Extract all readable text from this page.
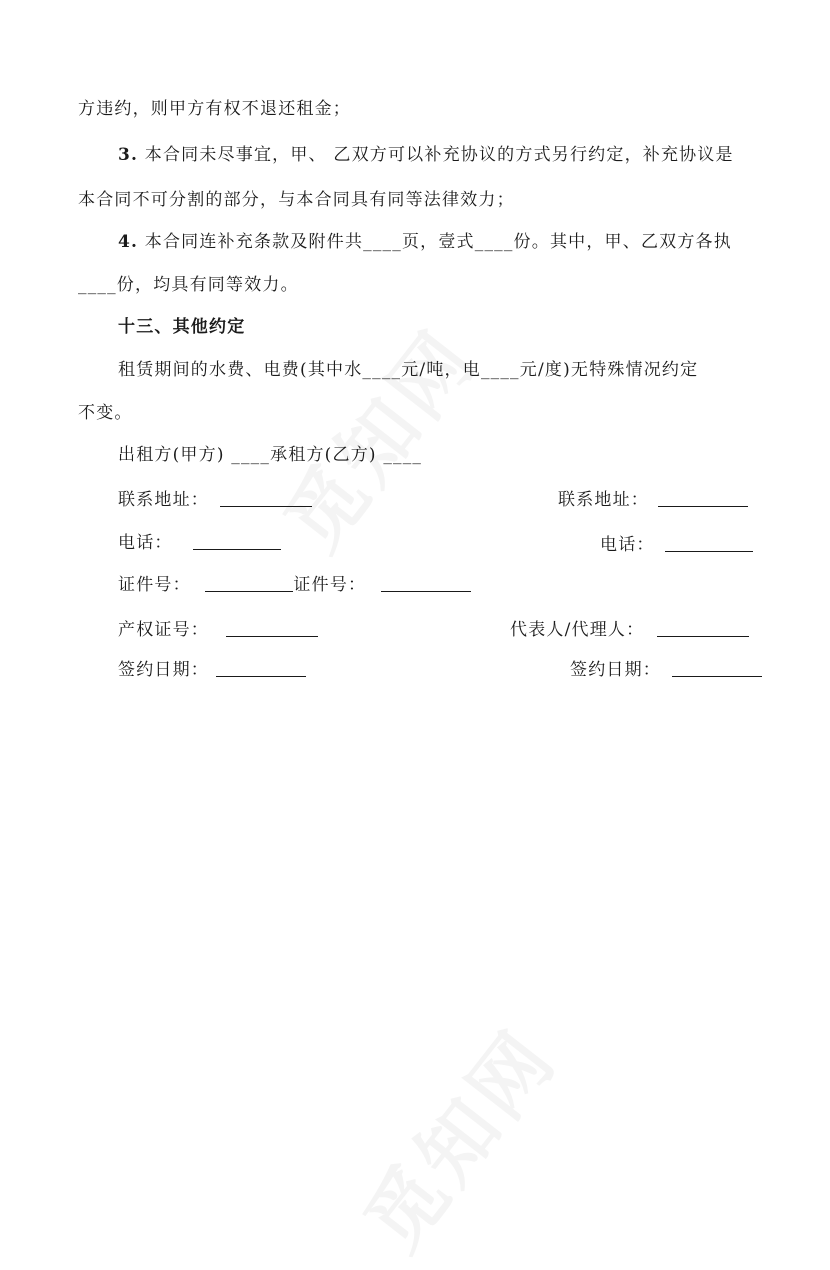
方违约，则甲方有权不退还租金；
3. 本合同未尽事宜，甲、 乙双方可以补充协议的方式另行约定，补充协议是
本合同不可分割的部分，与本合同具有同等法律效力；
4. 本合同连补充条款及附件共____页，壹式____份。其中，甲、乙双方各执
____份，均具有同等效力。
十三、其他约定
租赁期间的水费、电费(其中水____元/吨，电____元/度)无特殊情况约定
不变。
出租方(甲方) ____承租方(乙方) ____
联系地址：	联系地址：
电话：	电话：
证件号：	证件号：
产权证号：	代表人/代理人：
签约日期：	签约日期：
